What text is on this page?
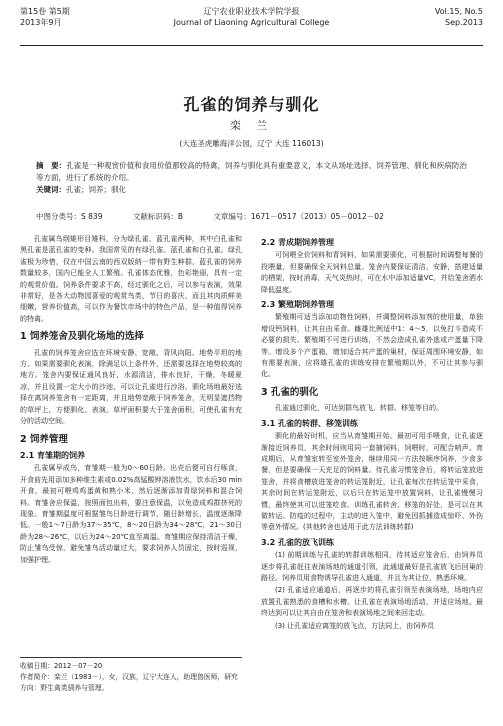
第15卷 第5期
2013年9月
辽宁农业职业技术学院学报
Journal of Liaoning Agricultural College
Vol.15, No.5
Sep.2013
孔雀的饲养与驯化
栾 兰
(大连圣虎雕海洋公园，辽宁 大连 116013)
摘　要：孔雀是一种观赏价值和食用价值都较高的特禽，饲养与驯化具有重要意义，本文从场址选择、饲养管理、驯化和疾病防治等方面，进行了系统的介绍。
关键词：孔雀；饲养；驯化
中图分类号：S 839	文献标识码：B	文章编号：1671－0517（2013）05－0012－02

孔雀属鸟纲雉形目雉科，分为绿孔雀、蓝孔雀两种，其中白孔雀和黑孔雀是蓝孔雀的变种。我国常见的有绿孔雀、蓝孔雀和白孔雀。绿孔雀极为珍惜，仅在中国云南的西双版纳一带有野生种群，蓝孔雀的饲养数量较多，国内已能全人工繁殖。孔雀体态优雅，色彩艳丽，具有一定的观赏价值。饲养条件要求不高，经过驯化之后，可以参与表演，效果非常好，是各大动物园喜爱的观赏鸟类，节日的喜庆，而且其肉质鲜美细嫩，营养价值高，可以作为餐饮市场中的特色产品，是一种值得饲养的特禽。

1 饲养笼舍及驯化场地的选择

孔雀的饲养笼舍应选在环境安静、宽敞、背风向阳、地势平坦的地方。如果需要驯化表演，除满足以上条件外，还需要选择在地势较高的地方。笼舍内要保证通风良好，水源清洁，排水良好，干燥，冬暖夏凉，并且设置一定大小的沙池，可以让孔雀进行沙浴。驯化场地最好选择在离饲养笼舍有一定距离，并且地势宽敞于饲养笼舍，无明显遮挡物的草坪上，方便驯化、表演。草坪面积要大于笼舍面积，可使孔雀有充分的活动空间。

2 饲养管理
2.1 育雏期的饲养

孔雀属早成鸟，育雏期一般为0～60日龄。出壳后便可自行啄食，开食前先用添加多种维生素或0.02%高锰酸钾溶液饮水，饮水后30 min开食，最初可喂鸡鸡蛋黄和熟小米，然后逐渐添加青绿饲料和混合饲料。育雏舍应保温，按照面包出料，要注意保温，以免造成鸡群挤死的现象。育雏期温度可根据雏鸟日龄进行调节，随日龄增长，温度逐渐降低。一般1～7日龄为37～35℃，8～20日龄为34～28℃，21～30日龄为28～26℃，以后为24～20℃直至离温。育雏期应保持清洁干燥，防止雏鸟受惊，避免雏鸟活动量过大，要求饲养人员固定，按时巡视，加强护理。

收稿日期：2012－07－20
作者简介：栾兰（1983－），女，汉族，辽宁大连人，助理兽医师，研究方向：野生禽类驯养与管理。
2.2 青成期饲养管理

可饲喂全价饲料和青饲料，如果需要驯化，可根据时间调整每餐的投喂量，但要确保全天饲料总量。笼舍内要保证清洁、安静，搭建适量的栖架，按时消毒，天气炎热时，可在水中添加适量VC，并给笼舍洒水降低温度。

2.3 繁殖期饲养管理

繁殖期可适当添加动物性饲料，并调整饲料添加剂的使用量，单独增设钙饲料，让其自由采食。雌雄比例适中1：4～5，以免打斗造成不必要的损失。繁殖期不可进行训练，不然会造成孔雀外逃或产蛋量下降等。增设多个产蛋箱，增加适合其产蛋的巢材，保证周围环境安静，如有需要表演，应将雄孔雀的训练安排在繁殖期以外，不可让其参与驯化。

3 孔雀的驯化

孔雀通过驯化，可达到群鸟放飞、转群、移笼等目的。

3.1 孔雀的转群、移笼训练

驯化的最好时机，应当从育雏期开始，最初可用手喂食，让孔雀逐渐接近饲养员，其余时间则用同一套捕饲料，饲喂时，可配合哨声。育成期后，从育雏室转至室外笼舍，继续用同一方法按顺序饲养，少食多餐，但是要确保一天充足的饲料量。待孔雀习惯笼舍后，将转运笼放进笼舍，并将食槽放进笼舍的转运笼附近，让孔雀每次在转运笼中采食，其余时间在转运笼附近，以后只在转运笼中放置饲料，让孔雀慢慢习惯，最终使其可以进笼吃食。训练孔雀转舍、移笼的好处，是可以在其做转运、防疫的过程中，主动的进入笼中，避免因抓捕造成惊吓、外伤等意外情况。(其他转舍也适用于此方法训练转群)

3.2 孔雀的放飞训练

(1) 前期训练与孔雀的转群训练相同，待其适应笼舍后，由饲养员逐步将孔雀赶往表演场地的通道引领，此通道最好是孔雀放飞后回巢的路径。饲养员用食物诱导孔雀进入通道，并且为其让位，熟悉环境。

(2) 孔雀适应通道后，再逐步的将孔雀引领至表演场地，场地内应放置孔雀熟悉的食槽和水槽。让孔雀在表演场地活动，并适应场地。最终达到可以让其自由在笼舍和表演场地之间来回走动。

(3) 让孔雀适应离笼的放飞点，方法同上，由饲养员
